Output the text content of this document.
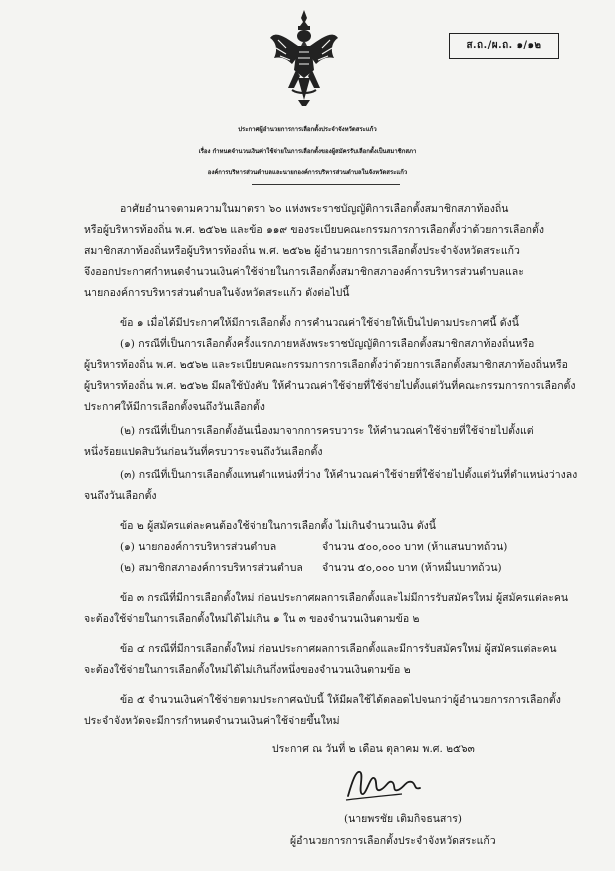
ส.ถ./ผ.ถ. ๑/๑๒
ประกาศผู้อำนวยการการเลือกตั้งประจำจังหวัดสระแก้ว
เรื่อง กำหนดจำนวนเงินค่าใช้จ่ายในการเลือกตั้งของผู้สมัครรับเลือกตั้งเป็นสมาชิกสภา
องค์การบริหารส่วนตำบลและนายกองค์การบริหารส่วนตำบลในจังหวัดสระแก้ว
อาศัยอำนาจตามความในมาตรา ๖๐ แห่งพระราชบัญญัติการเลือกตั้งสมาชิกสภาท้องถิ่น
หรือผู้บริหารท้องถิ่น พ.ศ. ๒๕๖๒ และข้อ ๑๑๙ ของระเบียบคณะกรรมการการเลือกตั้งว่าด้วยการเลือกตั้ง
สมาชิกสภาท้องถิ่นหรือผู้บริหารท้องถิ่น พ.ศ. ๒๕๖๒ ผู้อำนวยการการเลือกตั้งประจำจังหวัดสระแก้ว
จึงออกประกาศกำหนดจำนวนเงินค่าใช้จ่ายในการเลือกตั้งสมาชิกสภาองค์การบริหารส่วนตำบลและ
นายกองค์การบริหารส่วนตำบลในจังหวัดสระแก้ว ดังต่อไปนี้
ข้อ ๑ เมื่อได้มีประกาศให้มีการเลือกตั้ง การคำนวณค่าใช้จ่ายให้เป็นไปตามประกาศนี้ ดังนี้
(๑) กรณีที่เป็นการเลือกตั้งครั้งแรกภายหลังพระราชบัญญัติการเลือกตั้งสมาชิกสภาท้องถิ่นหรือ
ผู้บริหารท้องถิ่น พ.ศ. ๒๕๖๒ และระเบียบคณะกรรมการการเลือกตั้งว่าด้วยการเลือกตั้งสมาชิกสภาท้องถิ่นหรือ
ผู้บริหารท้องถิ่น พ.ศ. ๒๕๖๒ มีผลใช้บังคับ ให้คำนวณค่าใช้จ่ายที่ใช้จ่ายไปตั้งแต่วันที่คณะกรรมการการเลือกตั้ง
ประกาศให้มีการเลือกตั้งจนถึงวันเลือกตั้ง
(๒) กรณีที่เป็นการเลือกตั้งอันเนื่องมาจากการครบวาระ ให้คำนวณค่าใช้จ่ายที่ใช้จ่ายไปตั้งแต่
หนึ่งร้อยแปดสิบวันก่อนวันที่ครบวาระจนถึงวันเลือกตั้ง
(๓) กรณีที่เป็นการเลือกตั้งแทนตำแหน่งที่ว่าง ให้คำนวณค่าใช้จ่ายที่ใช้จ่ายไปตั้งแต่วันที่ตำแหน่งว่างลง
จนถึงวันเลือกตั้ง
ข้อ ๒ ผู้สมัครแต่ละคนต้องใช้จ่ายในการเลือกตั้ง ไม่เกินจำนวนเงิน ดังนี้
(๑) นายกองค์การบริหารส่วนตำบล	จำนวน ๕๐๐,๐๐๐ บาท (ห้าแสนบาทถ้วน)
(๒) สมาชิกสภาองค์การบริหารส่วนตำบล จำนวน ๕๐,๐๐๐ บาท (ห้าหมื่นบาทถ้วน)
ข้อ ๓ กรณีที่มีการเลือกตั้งใหม่ ก่อนประกาศผลการเลือกตั้งและไม่มีการรับสมัครใหม่ ผู้สมัครแต่ละคน
จะต้องใช้จ่ายในการเลือกตั้งใหม่ได้ไม่เกิน ๑ ใน ๓ ของจำนวนเงินตามข้อ ๒
ข้อ ๔ กรณีที่มีการเลือกตั้งใหม่ ก่อนประกาศผลการเลือกตั้งและมีการรับสมัครใหม่ ผู้สมัครแต่ละคน
จะต้องใช้จ่ายในการเลือกตั้งใหม่ได้ไม่เกินกึ่งหนึ่งของจำนวนเงินตามข้อ ๒
ข้อ ๕ จำนวนเงินค่าใช้จ่ายตามประกาศฉบับนี้ ให้มีผลใช้ได้ตลอดไปจนกว่าผู้อำนวยการการเลือกตั้ง
ประจำจังหวัดจะมีการกำหนดจำนวนเงินค่าใช้จ่ายขึ้นใหม่
ประกาศ ณ วันที่ ๒ เดือน ตุลาคม พ.ศ. ๒๕๖๓
(นายพรชัย เติมกิจธนสาร)
ผู้อำนวยการการเลือกตั้งประจำจังหวัดสระแก้ว
